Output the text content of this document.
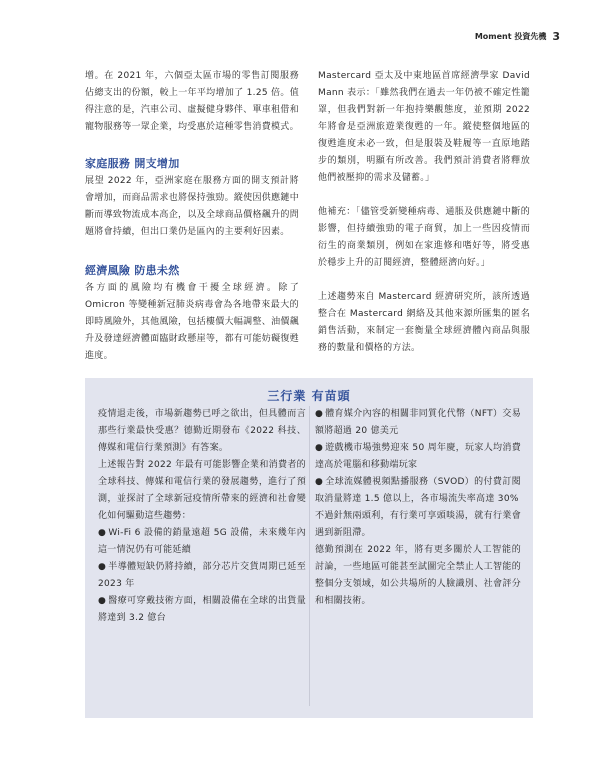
Moment 投資先機 3

增。在 2021 年，六個亞太區市場的零售訂閱服務佔總支出的份額，較上一年平均增加了 1.25 倍。值得注意的是，汽車公司、虛擬健身夥伴、單車租借和寵物服務等一眾企業，均受惠於這種零售消費模式。

家庭服務 開支增加

展望 2022 年，亞洲家庭在服務方面的開支預計將會增加，而商品需求也將保持強勁。縱使因供應鏈中斷而導致物流成本高企，以及全球商品價格飆升的問題將會持續，但出口業仍是區內的主要利好因素。

經濟風險 防患未然

各方面的風險均有機會干擾全球經濟。除了 Omicron 等變種新冠肺炎病毒會為各地帶來最大的即時風險外，其他風險，包括樓價大幅調整、油價飆升及發達經濟體面臨財政懸崖等，都有可能妨礙復甦進度。

Mastercard 亞太及中東地區首席經濟學家 David Mann 表示：「雖然我們在過去一年仍被不確定性籠罩，但我們對新一年抱持樂觀態度，並預期 2022 年將會是亞洲旅遊業復甦的一年。縱使整個地區的復甦進度未必一致，但是服裝及鞋履等一直原地踏步的類別，明顯有所改善。我們預計消費者將釋放他們被壓抑的需求及儲蓄。」

他補充：「儘管受新變種病毒、通脹及供應鏈中斷的影響，但持續強勁的電子商貿，加上一些因疫情而衍生的商業類別，例如在家進修和嗜好等，將受惠於穩步上升的訂閱經濟，整體經濟向好。」

上述趨勢來自 Mastercard 經濟研究所，該所透過整合在 Mastercard 網絡及其他來源所匯集的匿名銷售活動，來制定一套衡量全球經濟體內商品與服務的數量和價格的方法。

三行業 有苗頭

疫情退走後，市場新趨勢已呼之欲出，但具體而言那些行業最快受惠？德勤近期發布《2022 科技、傳媒和電信行業預測》有答案。

上述報告對 2022 年最有可能影響企業和消費者的全球科技、傳媒和電信行業的發展趨勢，進行了預測，並探討了全球新冠疫情所帶來的經濟和社會變化如何驅動這些趨勢：

● Wi-Fi 6 設備的銷量遠超 5G 設備，未來幾年內這一情況仍有可能延續

● 半導體短缺仍將持續，部分芯片交貨周期已延至 2023 年

● 醫療可穿戴技術方面，相關設備在全球的出貨量將達到 3.2 億台

● 體育媒介內容的相關非同質化代幣（NFT）交易額將超過 20 億美元

● 遊戲機市場強勢迎來 50 周年慶，玩家人均消費達高於電腦和移動端玩家

● 全球流媒體視頻點播服務（SVOD）的付費訂閱取消量將達 1.5 億以上，各市場流失率高達 30%

不過針無兩頭利，有行業可享頭啖湯，就有行業會遇到新阻滯。

德勤預測在 2022 年，將有更多關於人工智能的討論，一些地區可能甚至試圖完全禁止人工智能的整個分支領域，如公共場所的人臉識別、社會評分和相關技術。
